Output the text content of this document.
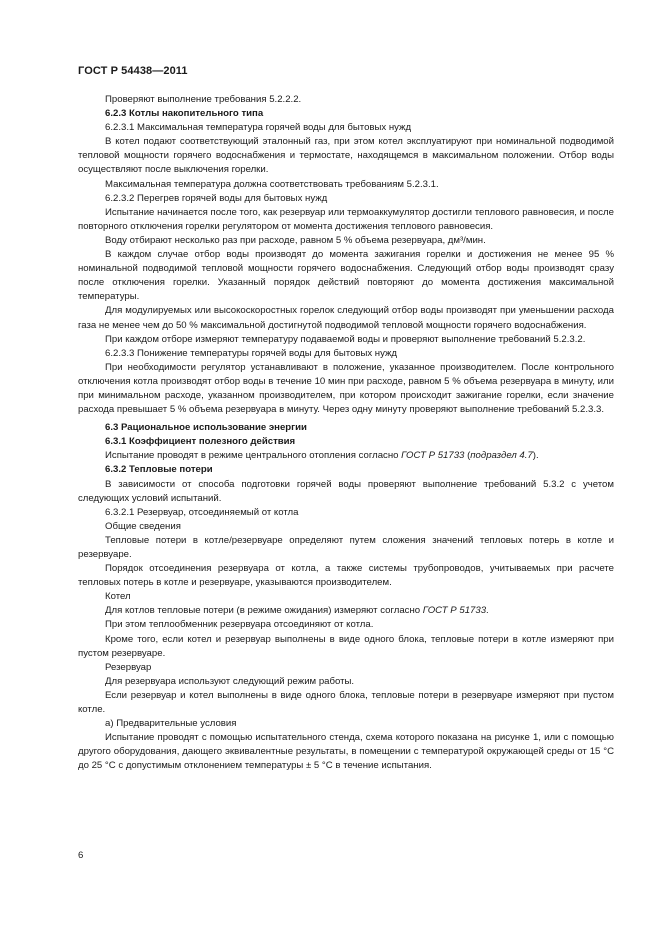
ГОСТ Р 54438—2011

Проверяют выполнение требования 5.2.2.2.

6.2.3 Котлы накопительного типа

6.2.3.1 Максимальная температура горячей воды для бытовых нужд

В котел подают соответствующий эталонный газ, при этом котел эксплуатируют при номинальной подводимой тепловой мощности горячего водоснабжения и термостате, находящемся в максимальном положении. Отбор воды осуществляют после выключения горелки.

Максимальная температура должна соответствовать требованиям 5.2.3.1.

6.2.3.2 Перегрев горячей воды для бытовых нужд

Испытание начинается после того, как резервуар или термоаккумулятор достигли теплового равновесия, и после повторного отключения горелки регулятором от момента достижения теплового равновесия.

Воду отбирают несколько раз при расходе, равном 5 % объема резервуара, дм³/мин.

В каждом случае отбор воды производят до момента зажигания горелки и достижения не менее 95 % номинальной подводимой тепловой мощности горячего водоснабжения. Следующий отбор воды производят сразу после отключения горелки. Указанный порядок действий повторяют до момента достижения максимальной температуры.

Для модулируемых или высокоскоростных горелок следующий отбор воды производят при уменьшении расхода газа не менее чем до 50 % максимальной достигнутой подводимой тепловой мощности горячего водоснабжения.

При каждом отборе измеряют температуру подаваемой воды и проверяют выполнение требований 5.2.3.2.

6.2.3.3 Понижение температуры горячей воды для бытовых нужд

При необходимости регулятор устанавливают в положение, указанное производителем. После контрольного отключения котла производят отбор воды в течение 10 мин при расходе, равном 5 % объема резервуара в минуту, или при минимальном расходе, указанном производителем, при котором происходит зажигание горелки, если значение расхода превышает 5 % объема резервуара в минуту. Через одну минуту проверяют выполнение требований 5.2.3.3.

6.3 Рациональное использование энергии

6.3.1 Коэффициент полезного действия

Испытание проводят в режиме центрального отопления согласно ГОСТ Р 51733 (подраздел 4.7).

6.3.2 Тепловые потери

В зависимости от способа подготовки горячей воды проверяют выполнение требований 5.3.2 с учетом следующих условий испытаний.

6.3.2.1 Резервуар, отсоединяемый от котла

Общие сведения

Тепловые потери в котле/резервуаре определяют путем сложения значений тепловых потерь в котле и резервуаре.

Порядок отсоединения резервуара от котла, а также системы трубопроводов, учитываемых при расчете тепловых потерь в котле и резервуаре, указываются производителем.

Котел

Для котлов тепловые потери (в режиме ожидания) измеряют согласно ГОСТ Р 51733.

При этом теплообменник резервуара отсоединяют от котла.

Кроме того, если котел и резервуар выполнены в виде одного блока, тепловые потери в котле измеряют при пустом резервуаре.

Резервуар

Для резервуара используют следующий режим работы.

Если резервуар и котел выполнены в виде одного блока, тепловые потери в резервуаре измеряют при пустом котле.

а) Предварительные условия

Испытание проводят с помощью испытательного стенда, схема которого показана на рисунке 1, или с помощью другого оборудования, дающего эквивалентные результаты, в помещении с температурой окружающей среды от 15 °C до 25 °C с допустимым отклонением температуры ± 5 °C в течение испытания.

6
